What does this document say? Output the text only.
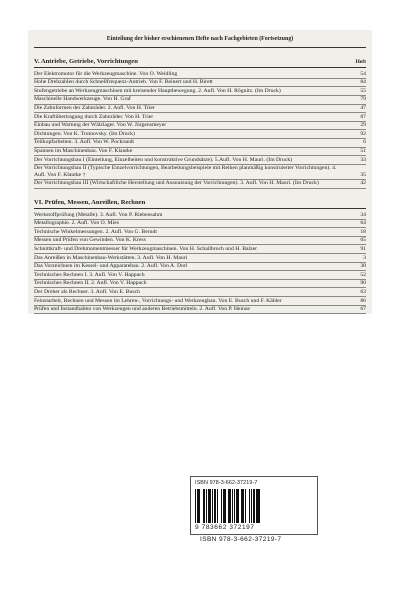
Einteilung der bisher erschienenen Hefte nach Fachgebieten (Fortsetzung)
V. Antriebe, Getriebe, Vorrichtungen	Heft
Der Elektromotor für die Werkzeugmaschine. Von O. Weidling	54
Hohe Drehzahlen durch Schnellfrequenz-Antrieb. Von F. Beinert und H. Birett	84
Stufengetriebe an Werkzeugmaschinen mit kreisender Hauptbewegung. 2. Aufl. Von H. Rögnitz. (Im Druck)	55
Maschinelle Handwerkzeuge. Von H. Graf	79
Die Zahnformen der Zahnräder. 2. Aufl. Von H. Trier	47
Die Kraftübertragung durch Zahnräder. Von H. Trier	87
Einbau und Wartung der Wälzlager. Von W. Jürgensmeyer	29
Dichtungen. Von K. Trutnovsky. (Im Druck)	92
Teilkopfarbeiten. 3. Aufl. Von W. Pockrandt	6
Spannen im Maschinenbau. Von F. Klautke	51
Der Vorrichtungsbau I (Einteilung, Einzelheiten und konstruktive Grundsätze). 5.Aufl. Von H. Mauri. (Im Druck)	33
Der Vorrichtungsbau II (Typische Einzelvorrichtungen, Bearbeitungsbeispiele mit Reihen planmäßig konstruierter Vorrichtungen). 4. Aufl. Von F. Klautke †	35
Der Vorrichtungsbau III (Wirtschaftliche Herstellung und Ausnutzung der Vorrichtungen). 3. Aufl. Von H. Mauri. (Im Druck)	42
VI. Prüfen, Messen, Anreißen, Rechnen
Werkstoffprüfung (Metalle). 3. Aufl. Von P. Riebensahm	34
Metallographie. 2. Aufl. Von O. Mies	64
Technische Winkelmessungen. 2. Aufl. Von G. Berndt	18
Messen und Prüfen von Gewinden. Von K. Kress	65
Schnittkraft- und Drehmomentmesser für Werkzeugmaschinen. Von H. Schallbroch und H. Balzer	91
Das Anreißen in Maschinenbau-Werkstätten. 3. Aufl. Von H. Mauri	3
Das Vorzeichnen im Kessel- und Apparatebau. 2. Aufl. Von A. Dorl	38
Technisches Rechnen I. 3. Aufl. Von V. Happach	52
Technisches Rechnen II. 2. Aufl. Von V. Happach	90
Der Dreher als Rechner. 3. Aufl. Von E. Busch	63
Feinstarbeit, Rechnen und Messen im Lehren-, Vorrichtungs- und Werkzeugbau. Von E. Busch und F. Kähler	86
Prüfen und Instandhalten von Werkzeugen und anderen Betriebsmitteln. 2. Aufl. Von P. Heinze	67
ISBN 978-3-662-37219-7
9 783662 372197
ISBN 978-3-662-37219-7
